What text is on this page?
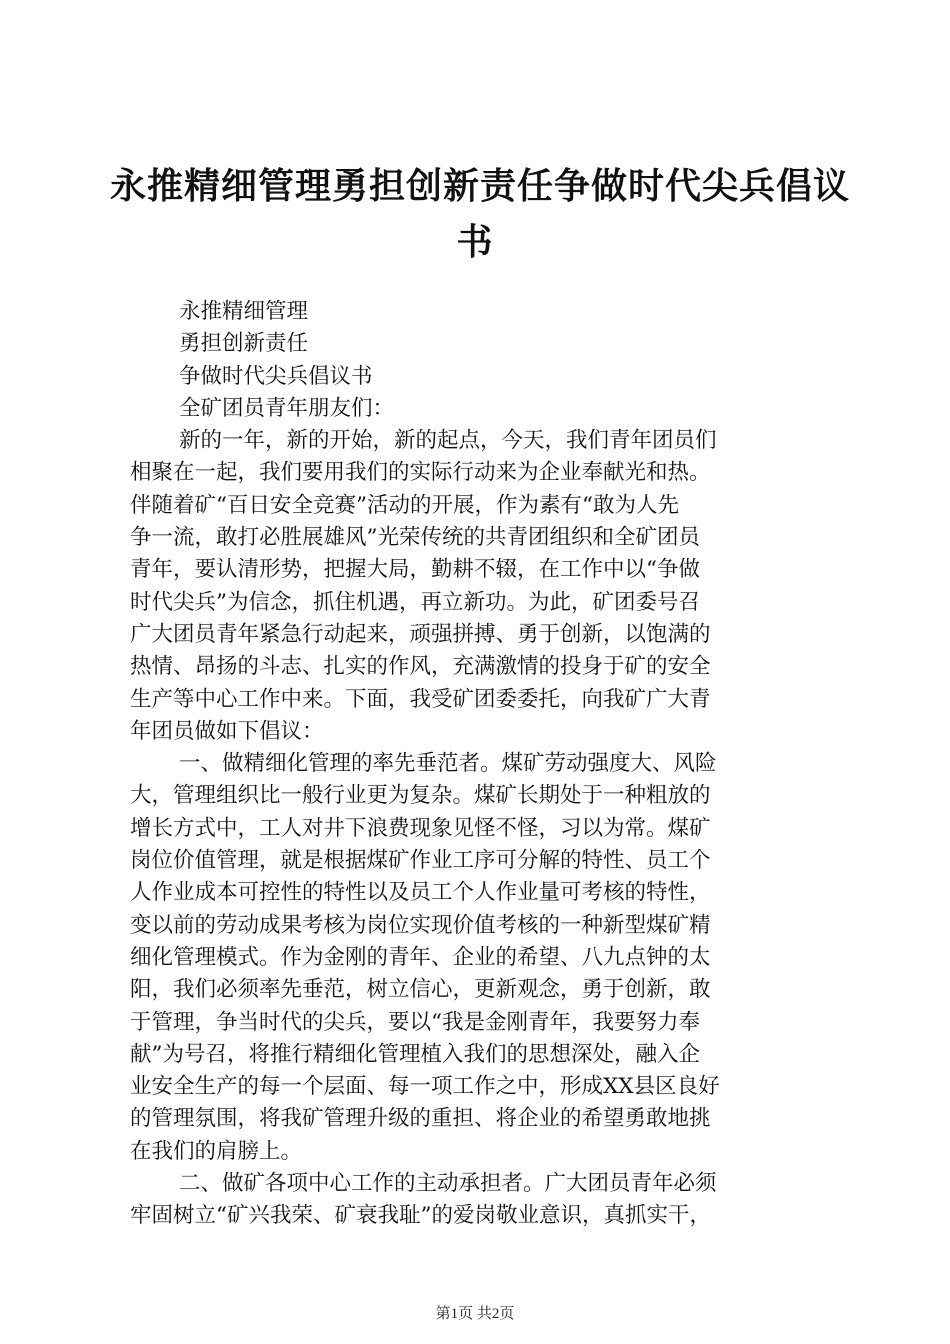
永推精细管理勇担创新责任争做时代尖兵倡议
书
永推精细管理
勇担创新责任
争做时代尖兵倡议书
全矿团员青年朋友们：
新的一年，新的开始，新的起点，今天，我们青年团员们
相聚在一起，我们要用我们的实际行动来为企业奉献光和热。
伴随着矿“百日安全竞赛”活动的开展，作为素有“敢为人先
争一流，敢打必胜展雄风”光荣传统的共青团组织和全矿团员
青年，要认清形势，把握大局，勤耕不辍，在工作中以“争做
时代尖兵”为信念，抓住机遇，再立新功。为此，矿团委号召
广大团员青年紧急行动起来，顽强拼搏、勇于创新，以饱满的
热情、昂扬的斗志、扎实的作风，充满激情的投身于矿的安全
生产等中心工作中来。下面，我受矿团委委托，向我矿广大青
年团员做如下倡议：
一、做精细化管理的率先垂范者。煤矿劳动强度大、风险
大，管理组织比一般行业更为复杂。煤矿长期处于一种粗放的
增长方式中，工人对井下浪费现象见怪不怪，习以为常。煤矿
岗位价值管理，就是根据煤矿作业工序可分解的特性、员工个
人作业成本可控性的特性以及员工个人作业量可考核的特性，
变以前的劳动成果考核为岗位实现价值考核的一种新型煤矿精
细化管理模式。作为金刚的青年、企业的希望、八九点钟的太
阳，我们必须率先垂范，树立信心，更新观念，勇于创新，敢
于管理，争当时代的尖兵，要以“我是金刚青年，我要努力奉
献”为号召，将推行精细化管理植入我们的思想深处，融入企
业安全生产的每一个层面、每一项工作之中，形成XX县区良好
的管理氛围，将我矿管理升级的重担、将企业的希望勇敢地挑
在我们的肩膀上。
二、做矿各项中心工作的主动承担者。广大团员青年必须
牢固树立“矿兴我荣、矿衰我耻”的爱岗敬业意识，真抓实干，
第1页 共2页
